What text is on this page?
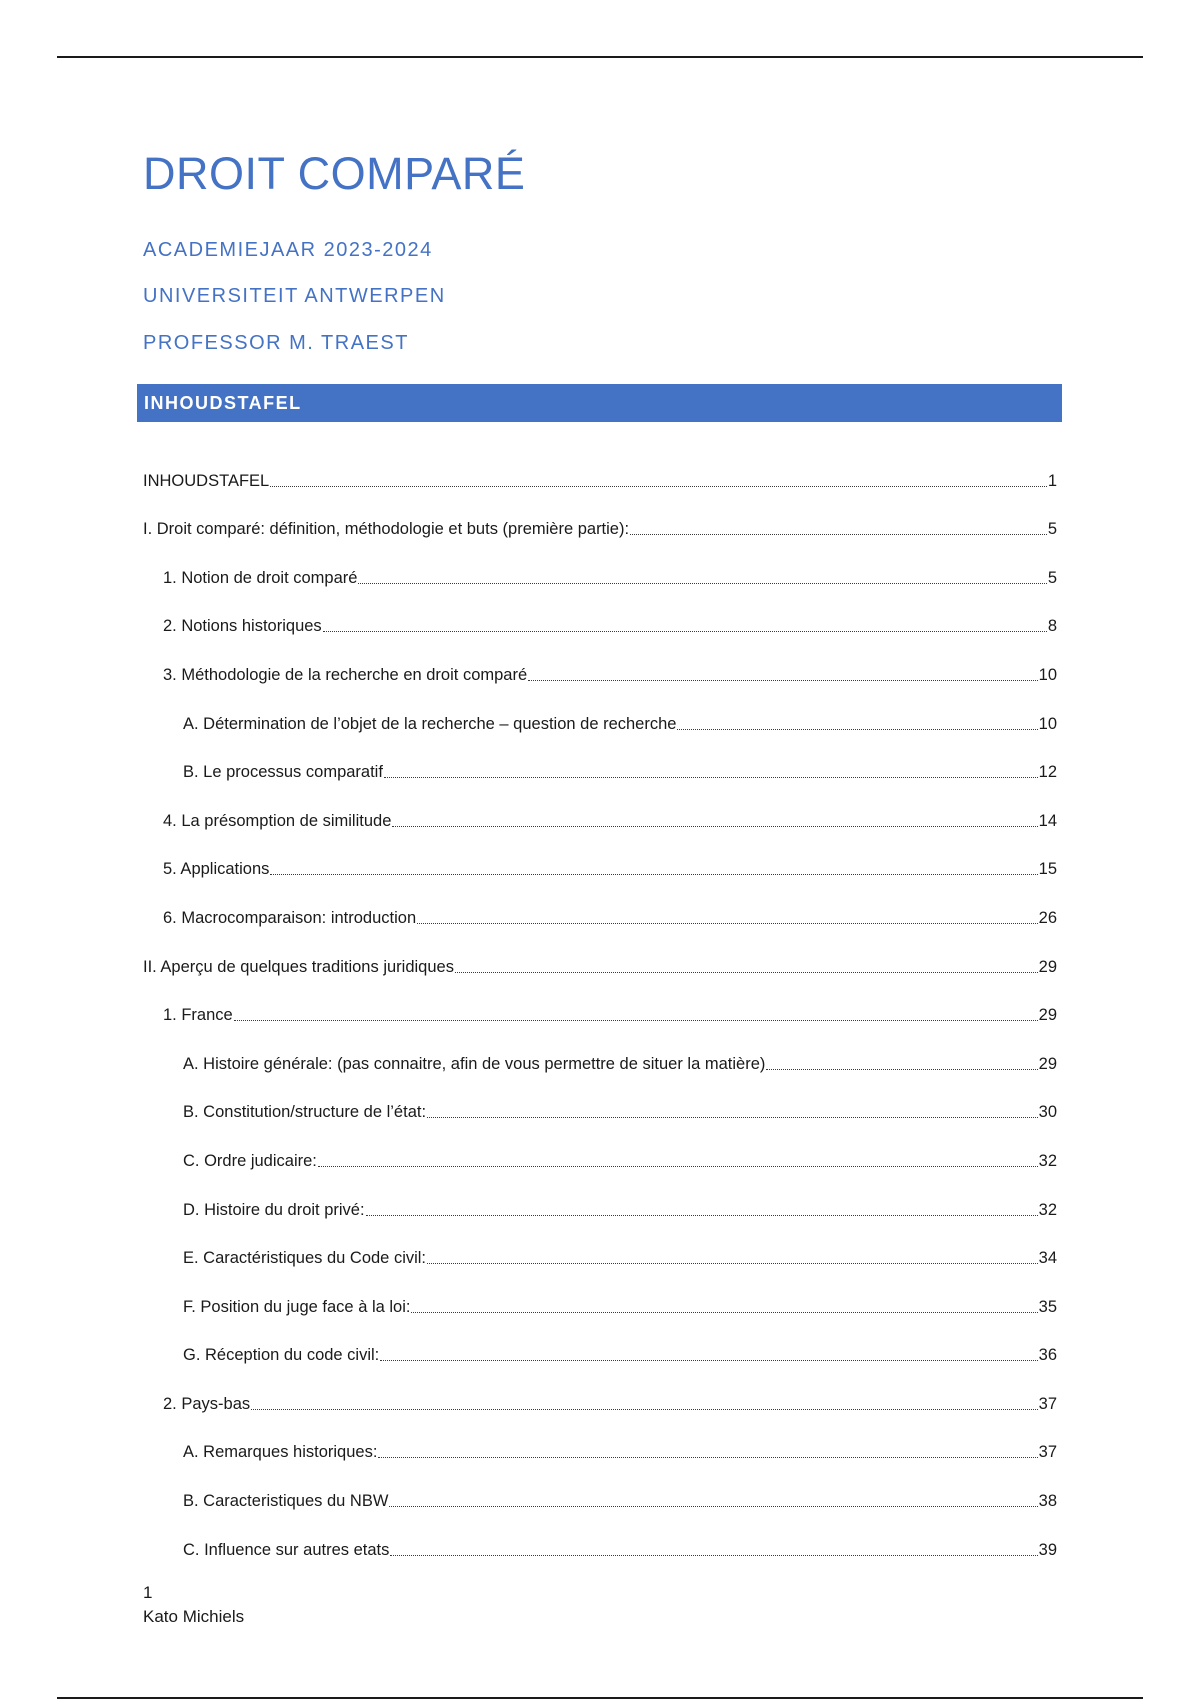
DROIT COMPARÉ
ACADEMIEJAAR 2023-2024
UNIVERSITEIT ANTWERPEN
PROFESSOR M. TRAEST
INHOUDSTAFEL
INHOUDSTAFEL	1
I. Droit comparé: définition, méthodologie et buts (première partie):	5
1. Notion de droit comparé	5
2. Notions historiques	8
3. Méthodologie de la recherche en droit comparé	10
A. Détermination de l’objet de la recherche – question de recherche	10
B. Le processus comparatif	12
4. La présomption de similitude	14
5. Applications	15
6. Macrocomparaison: introduction	26
II. Aperçu de quelques traditions juridiques	29
1. France	29
A. Histoire générale: (pas connaitre, afin de vous permettre de situer la matière)	29
B. Constitution/structure de l’état:	30
C. Ordre judicaire:	32
D. Histoire du droit privé:	32
E. Caractéristiques du Code civil:	34
F. Position du juge face à la loi:	35
G. Réception du code civil:	36
2. Pays-bas	37
A. Remarques historiques:	37
B. Caracteristiques du NBW	38
C. Influence sur autres etats	39
1
Kato Michiels
